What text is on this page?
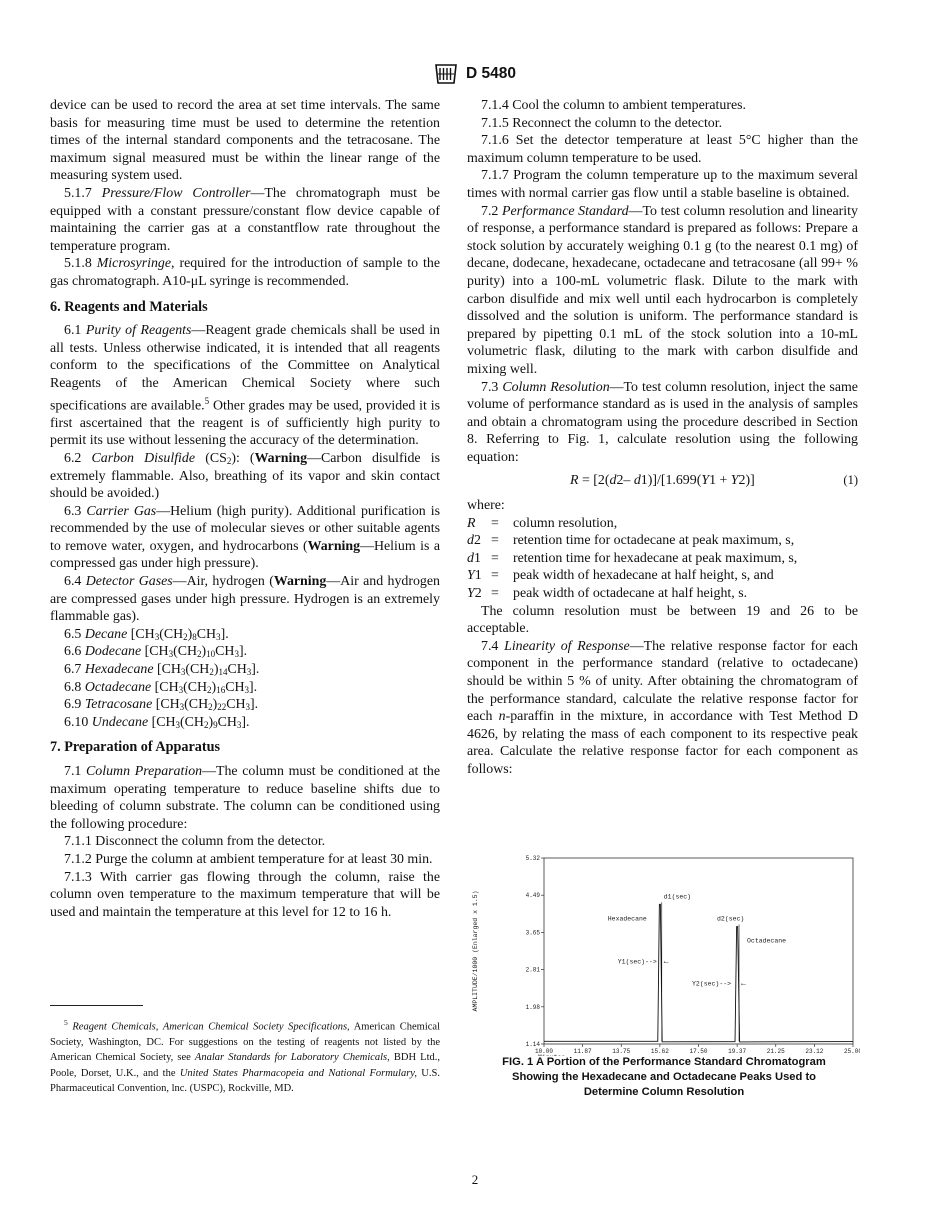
D 5480

device can be used to record the area at set time intervals. The same basis for measuring time must be used to determine the retention times of the internal standard components and the tetracosane. The maximum signal measured must be within the linear range of the measuring system used.

5.1.7 Pressure/Flow Controller—The chromatograph must be equipped with a constant pressure/constant flow device capable of maintaining the carrier gas at a constantflow rate throughout the temperature program.

5.1.8 Microsyringe, required for the introduction of sample to the gas chromatograph. A10-μL syringe is recommended.

6. Reagents and Materials

6.1 Purity of Reagents—Reagent grade chemicals shall be used in all tests. Unless otherwise indicated, it is intended that all reagents conform to the specifications of the Committee on Analytical Reagents of the American Chemical Society where such specifications are available.$^5$ Other grades may be used, provided it is first ascertained that the reagent is of sufficiently high purity to permit its use without lessening the accuracy of the determination.

6.2 Carbon Disulfide $(CS_2)$: (Warning—Carbon disulfide is extremely flammable. Also, breathing of its vapor and skin contact should be avoided.)

6.3 Carrier Gas—Helium (high purity). Additional purification is recommended by the use of molecular sieves or other suitable agents to remove water, oxygen, and hydrocarbons (Warning—Helium is a compressed gas under high pressure).

6.4 Detector Gases—Air, hydrogen (Warning—Air and hydrogen are compressed gases under high pressure. Hydrogen is an extremely flammable gas).

6.5 Decane $[CH_3(CH_2)_8CH_3]$.

6.6 Dodecane $[CH_3(CH_2)_{10}CH_3]$.

6.7 Hexadecane $[CH_3(CH_2)_{14}CH_3]$.

6.8 Octadecane $[CH_3(CH_2)_{16}CH_3]$.

6.9 Tetracosane $[CH_3(CH_2)_{22}CH_3]$.

6.10 Undecane $[CH_3(CH_2)_9CH_3]$.

7. Preparation of Apparatus

7.1 Column Preparation—The column must be conditioned at the maximum operating temperature to reduce baseline shifts due to bleeding of column substrate. The column can be conditioned using the following procedure:

7.1.1 Disconnect the column from the detector.

7.1.2 Purge the column at ambient temperature for at least 30 min.

7.1.3 With carrier gas flowing through the column, raise the column oven temperature to the maximum temperature that will be used and maintain the temperature at this level for 12 to 16 h.

$^5$ Reagent Chemicals, American Chemical Society Specifications, American Chemical Society, Washington, DC. For suggestions on the testing of reagents not listed by the American Chemical Society, see Analar Standards for Laboratory Chemicals, BDH Ltd., Poole, Dorset, U.K., and the United States Pharmacopeia and National Formulary, U.S. Pharmaceutical Convention, lnc. (USPC), Rockville, MD.

7.1.4 Cool the column to ambient temperatures.

7.1.5 Reconnect the column to the detector.

7.1.6 Set the detector temperature at least 5°C higher than the maximum column temperature to be used.

7.1.7 Program the column temperature up to the maximum several times with normal carrier gas flow until a stable baseline is obtained.

7.2 Performance Standard—To test column resolution and linearity of response, a performance standard is prepared as follows: Prepare a stock solution by accurately weighing 0.1 g (to the nearest 0.1 mg) of decane, dodecane, hexadecane, octadecane and tetracosane (all 99+ % purity) into a 100-mL volumetric flask. Dilute to the mark with carbon disulfide and mix well until each hydrocarbon is completely dissolved and the solution is uniform. The performance standard is prepared by pipetting 0.1 mL of the stock solution into a 10-mL volumetric flask, diluting to the mark with carbon disulfide and mixing well.

7.3 Column Resolution—To test column resolution, inject the same volume of performance standard as is used in the analysis of samples and obtain a chromatogram using the procedure described in Section 8. Referring to Fig. 1, calculate resolution using the following equation:

R = [2(d2– d1)]/[1.699(Y1 + Y2)]	(1)

where:

R	=	column resolution,
d2	=	retention time for octadecane at peak maximum, s,
d1	=	retention time for hexadecane at peak maximum, s,
Y1	=	peak width of hexadecane at half height, s, and
Y2	=	peak width of octadecane at half height, s.

The column resolution must be between 19 and 26 to be acceptable.

7.4 Linearity of Response—The relative response factor for each component in the performance standard (relative to octadecane) should be within 5 % of unity. After obtaining the chromatogram of the performance standard, calculate the relative response factor for each n-paraffin in the mixture, in accordance with Test Method D 4626, by relating the mass of each component to its respective peak area. Calculate the relative response factor for each component as follows:

10.00	11.87	13.75	15.62	17.50	19.37	21.25	23.12	25.0
1.14
1.98
2.81
3.65
4.49
5.32
AMPLITUDE/1000 (Enlarged x 1.5)	d1(sec)
d2(sec)
Hexadecane
Octadecane
Y1(sec)--> ←
Y2(sec)--> ←
FIG. 1 A Portion of the Performance Standard Chromatogram
Showing the Hexadecane and Octadecane Peaks Used to
Determine Column Resolution
2
